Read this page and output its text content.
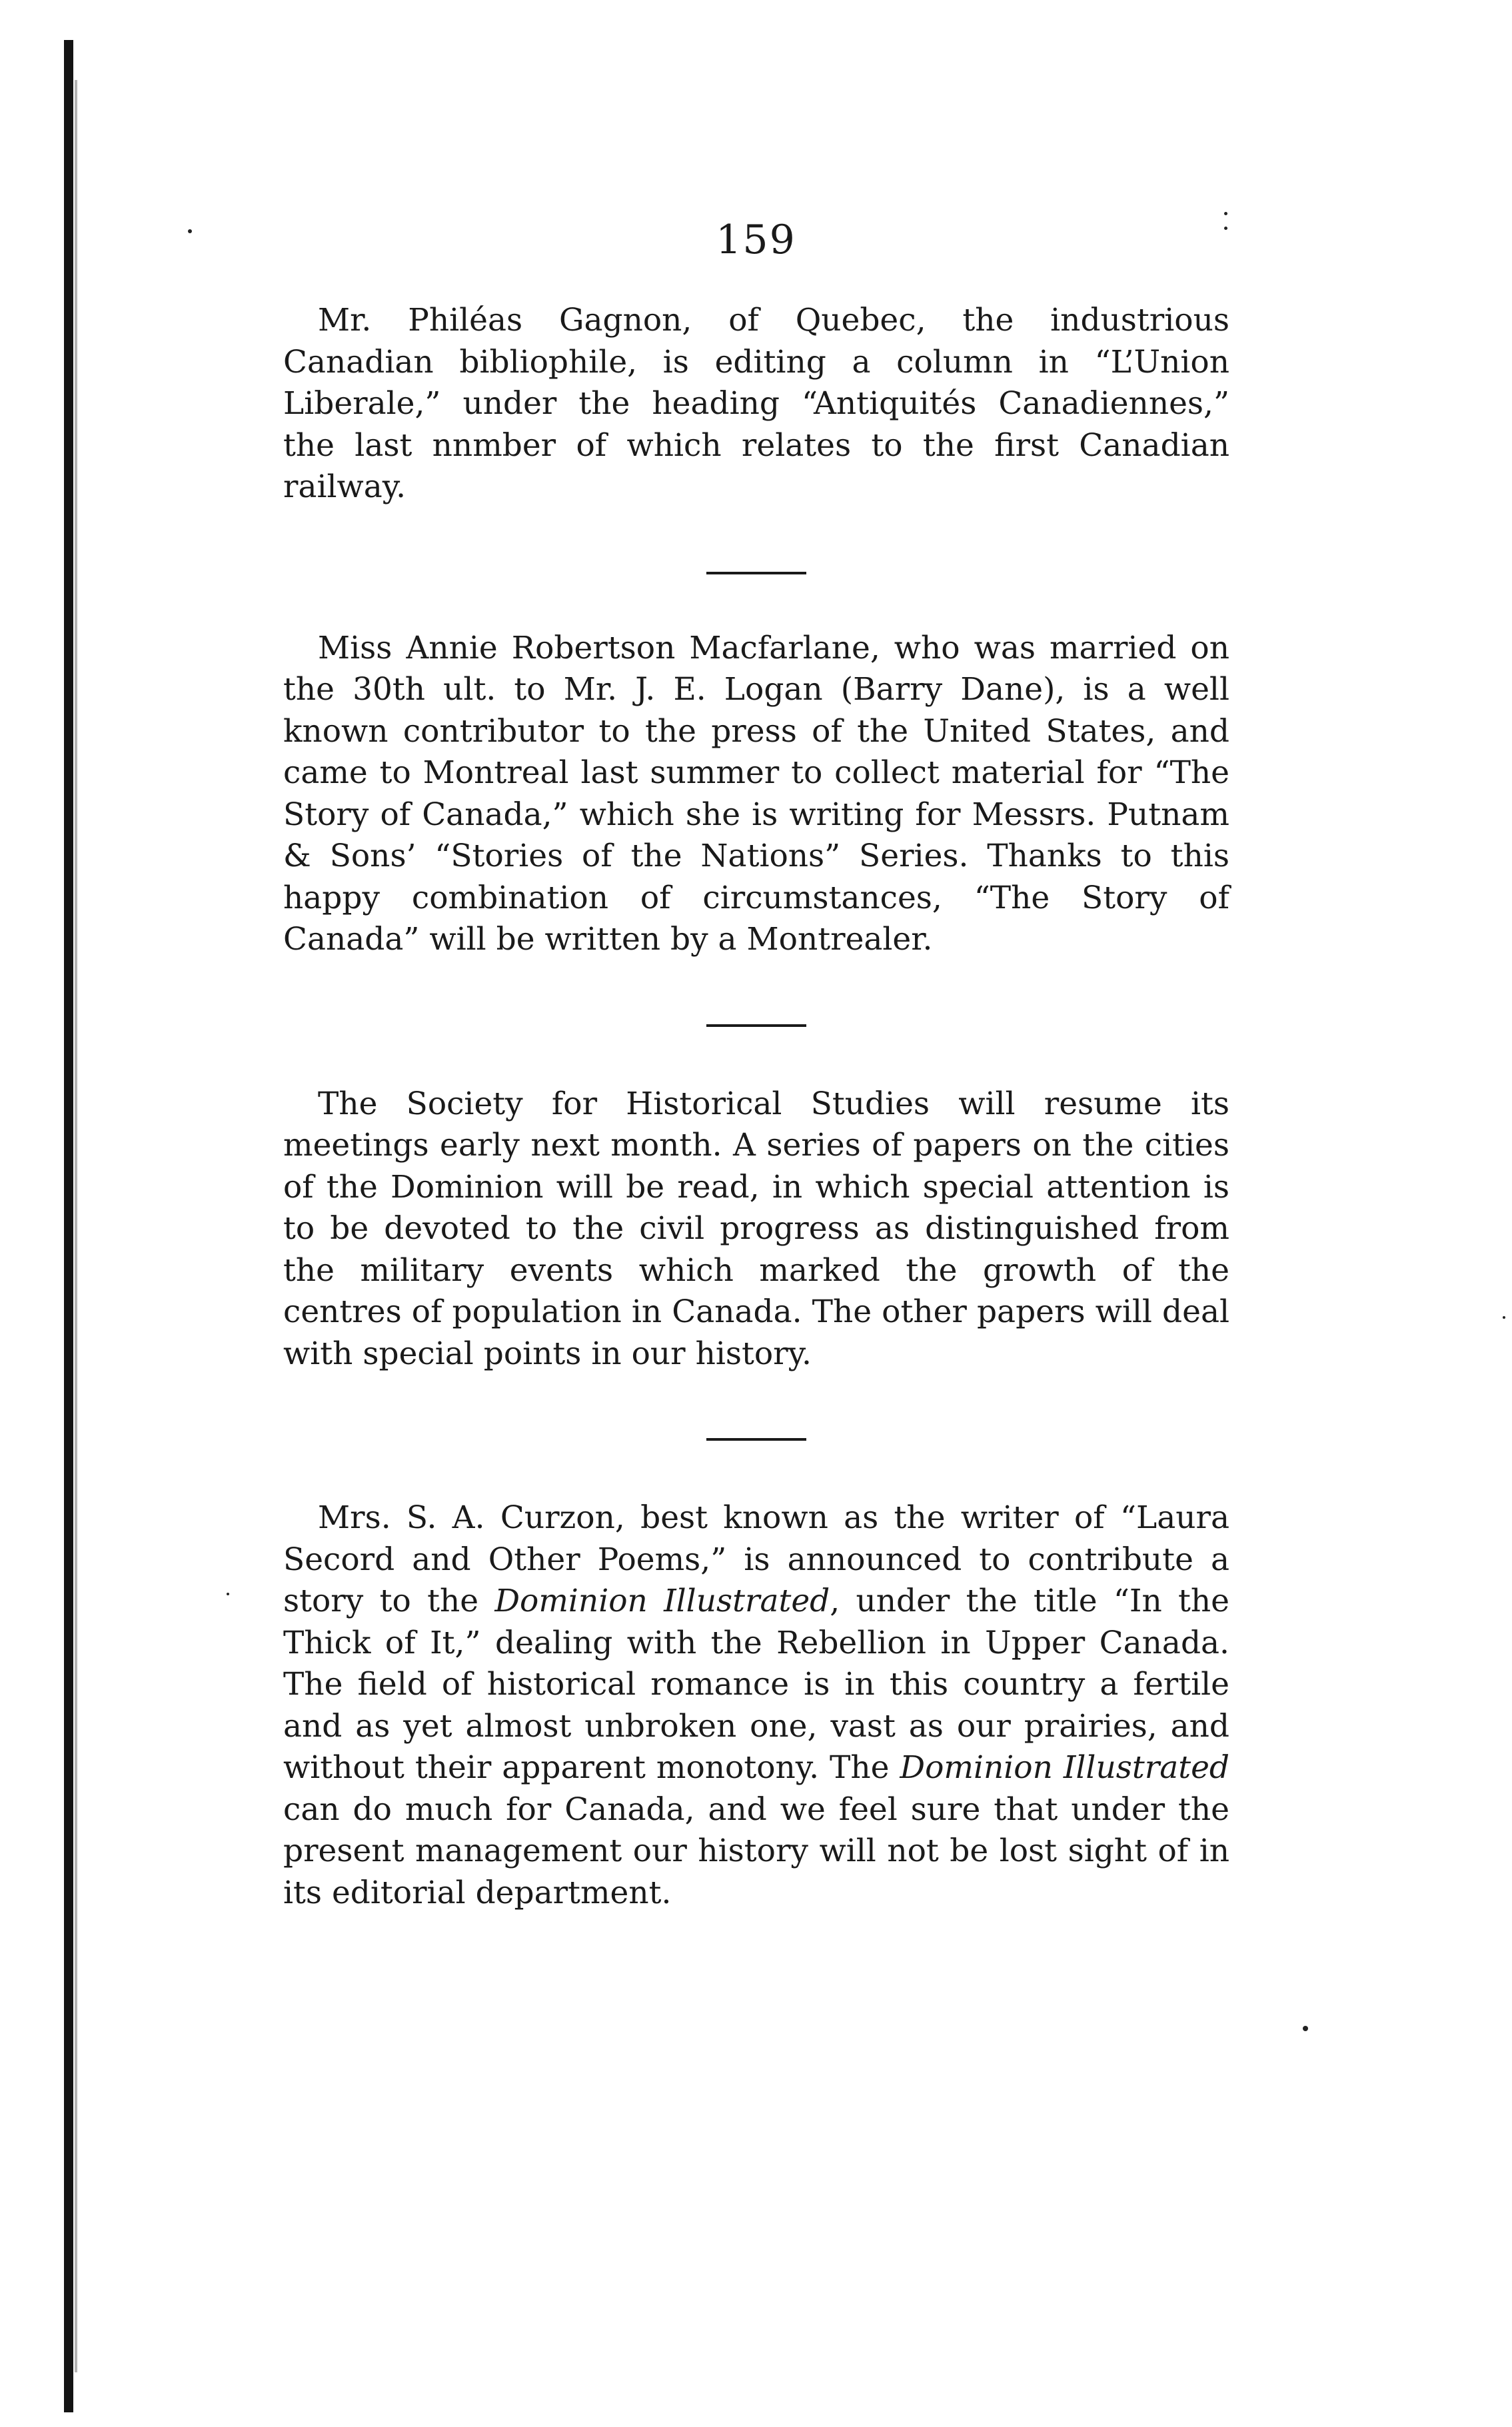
159

Mr. Philéas Gagnon, of Quebec, the industrious Canadian bibliophile, is editing a column in “L’Union Liberale,” under the heading “Antiquités Canadiennes,” the last nnmber of which relates to the first Canadian railway.

Miss Annie Robertson Macfarlane, who was married on the 30th ult. to Mr. J. E. Logan (Barry Dane), is a well known contributor to the press of the United States, and came to Montreal last summer to collect material for “The Story of Canada,” which she is writing for Messrs. Putnam & Sons’ “Stories of the Nations” Series. Thanks to this happy combination of circumstances, “The Story of Canada” will be written by a Montrealer.

The Society for Historical Studies will resume its meetings early next month. A series of papers on the cities of the Dominion will be read, in which special attention is to be devoted to the civil progress as distinguished from the military events which marked the growth of the centres of population in Canada. The other papers will deal with special points in our history.

Mrs. S. A. Curzon, best known as the writer of “Laura Secord and Other Poems,” is announced to contribute a story to the Dominion Illustrated, under the title “In the Thick of It,” dealing with the Rebellion in Upper Canada. The field of historical romance is in this country a fertile and as yet almost unbroken one, vast as our prairies, and without their apparent monotony. The Dominion Illustrated can do much for Canada, and we feel sure that under the present management our history will not be lost sight of in its editorial department.
